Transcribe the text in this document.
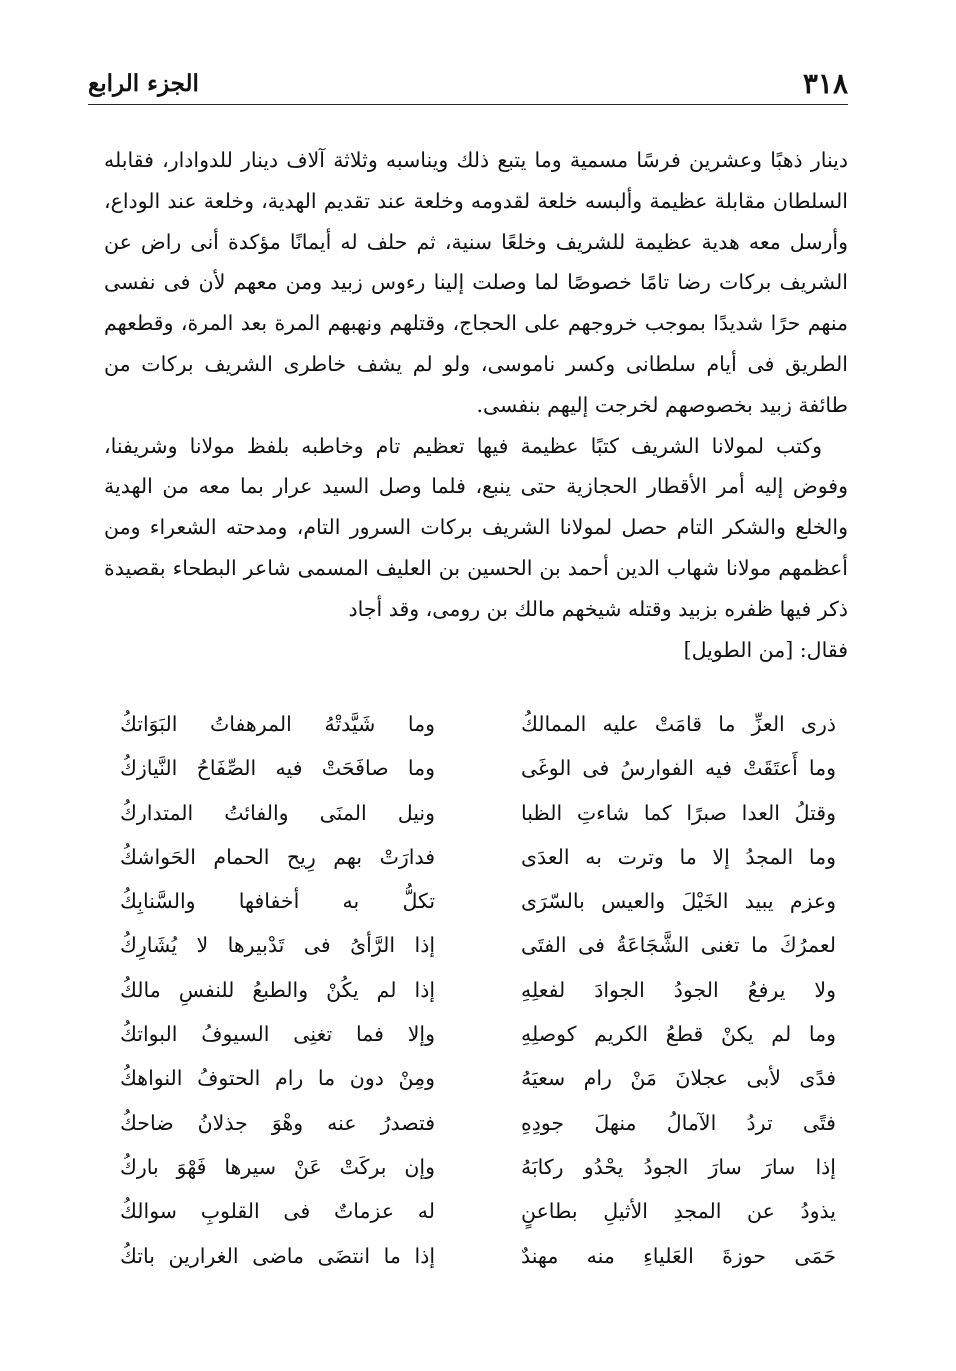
٣١٨
الجزء الرابع

دينار ذهبًا وعشرين فرسًا مسمية وما يتبع ذلك ويناسبه وثلاثة آلاف دينار للدوادار، فقابله السلطان مقابلة عظيمة وألبسه خلعة لقدومه وخلعة عند تقديم الهدية، وخلعة عند الوداع، وأرسل معه هدية عظيمة للشريف وخلعًا سنية، ثم حلف له أيمانًا مؤكدة أنى راض عن الشريف بركات رضا تامًا خصوصًا لما وصلت إلينا رءوس زبيد ومن معهم لأن فى نفسى منهم حرًا شديدًا بموجب خروجهم على الحجاج، وقتلهم ونهبهم المرة بعد المرة، وقطعهم الطريق فى أيام سلطانى وكسر ناموسى، ولو لم يشف خاطرى الشريف بركات من طائفة زبيد بخصوصهم لخرجت إليهم بنفسى.

وكتب لمولانا الشريف كتبًا عظيمة فيها تعظيم تام وخاطبه بلفظ مولانا وشريفنا، وفوض إليه أمر الأقطار الحجازية حتى ينبع، فلما وصل السيد عرار بما معه من الهدية والخلع والشكر التام حصل لمولانا الشريف بركات السرور التام، ومدحته الشعراء ومن أعظمهم مولانا شهاب الدين أحمد بن الحسين بن العليف المسمى شاعر البطحاء بقصيدة ذكر فيها ظفره بزبيد وقتله شيخهم مالك بن رومى، وقد أجاد

فقال: [من الطويل]

ذرى العزِّ ما قامَتْ عليه الممالكُ
وما شَيَّدتْهُ المرهفاتُ البَوَاتكُ
وما أَعتَقَتْ فيه الفوارسُ فى الوغَى
وما صافَحَتْ فيه الصِّفَاحُ النَّيازكُ
وقتلُ العدا صبرًا كما شاءتِ الظبا
ونيل المنَى والفائتُ المتداركُ
وما المجدُ إلا ما وترت به العدَى
فدارَتْ بهم رِيح الحمام الحَواشكُ
وعزم يبيد الخَيْلَ والعيس بالسّرَى
تكلُّ به أخفافها والسَّنابِكُ
لعمرُكَ ما تغنى الشَّجَاعَةُ فى الفتَى
إذا الرَّأىُ فى تَدْبيرها لا يُشَارِكُ
ولا يرفعُ الجودُ الجوادَ لفعلِهِ
إذا لم يكُنْ والطبعُ للنفسِ مالكُ
وما لم يكنْ قطعُ الكريم كوصلِهِ
وإلا فما تغنِى السيوفُ البواتكُ
فدًى لأبى عجلانَ مَنْ رام سعيَهُ
ومِنْ دون ما رام الحتوفُ النواهكُ
فتًى تردُ الآمالُ منهلَ جودِهِ
فتصدرُ عنه وهْوَ جذلانُ ضاحكُ
إذا سارَ سارَ الجودُ يحْدُو ركابَهُ
وإن بركَتْ عَنْ سيرها فَهْوَ باركُ
يذودُ عن المجدِ الأثيلِ بطاعنٍ
له عزماتٌ فى القلوبِ سوالكُ
حَمَى حوزةَ العَلياءِ منه مهندٌ
إذا ما انتضَى ماضى الغرارين باتكُ
